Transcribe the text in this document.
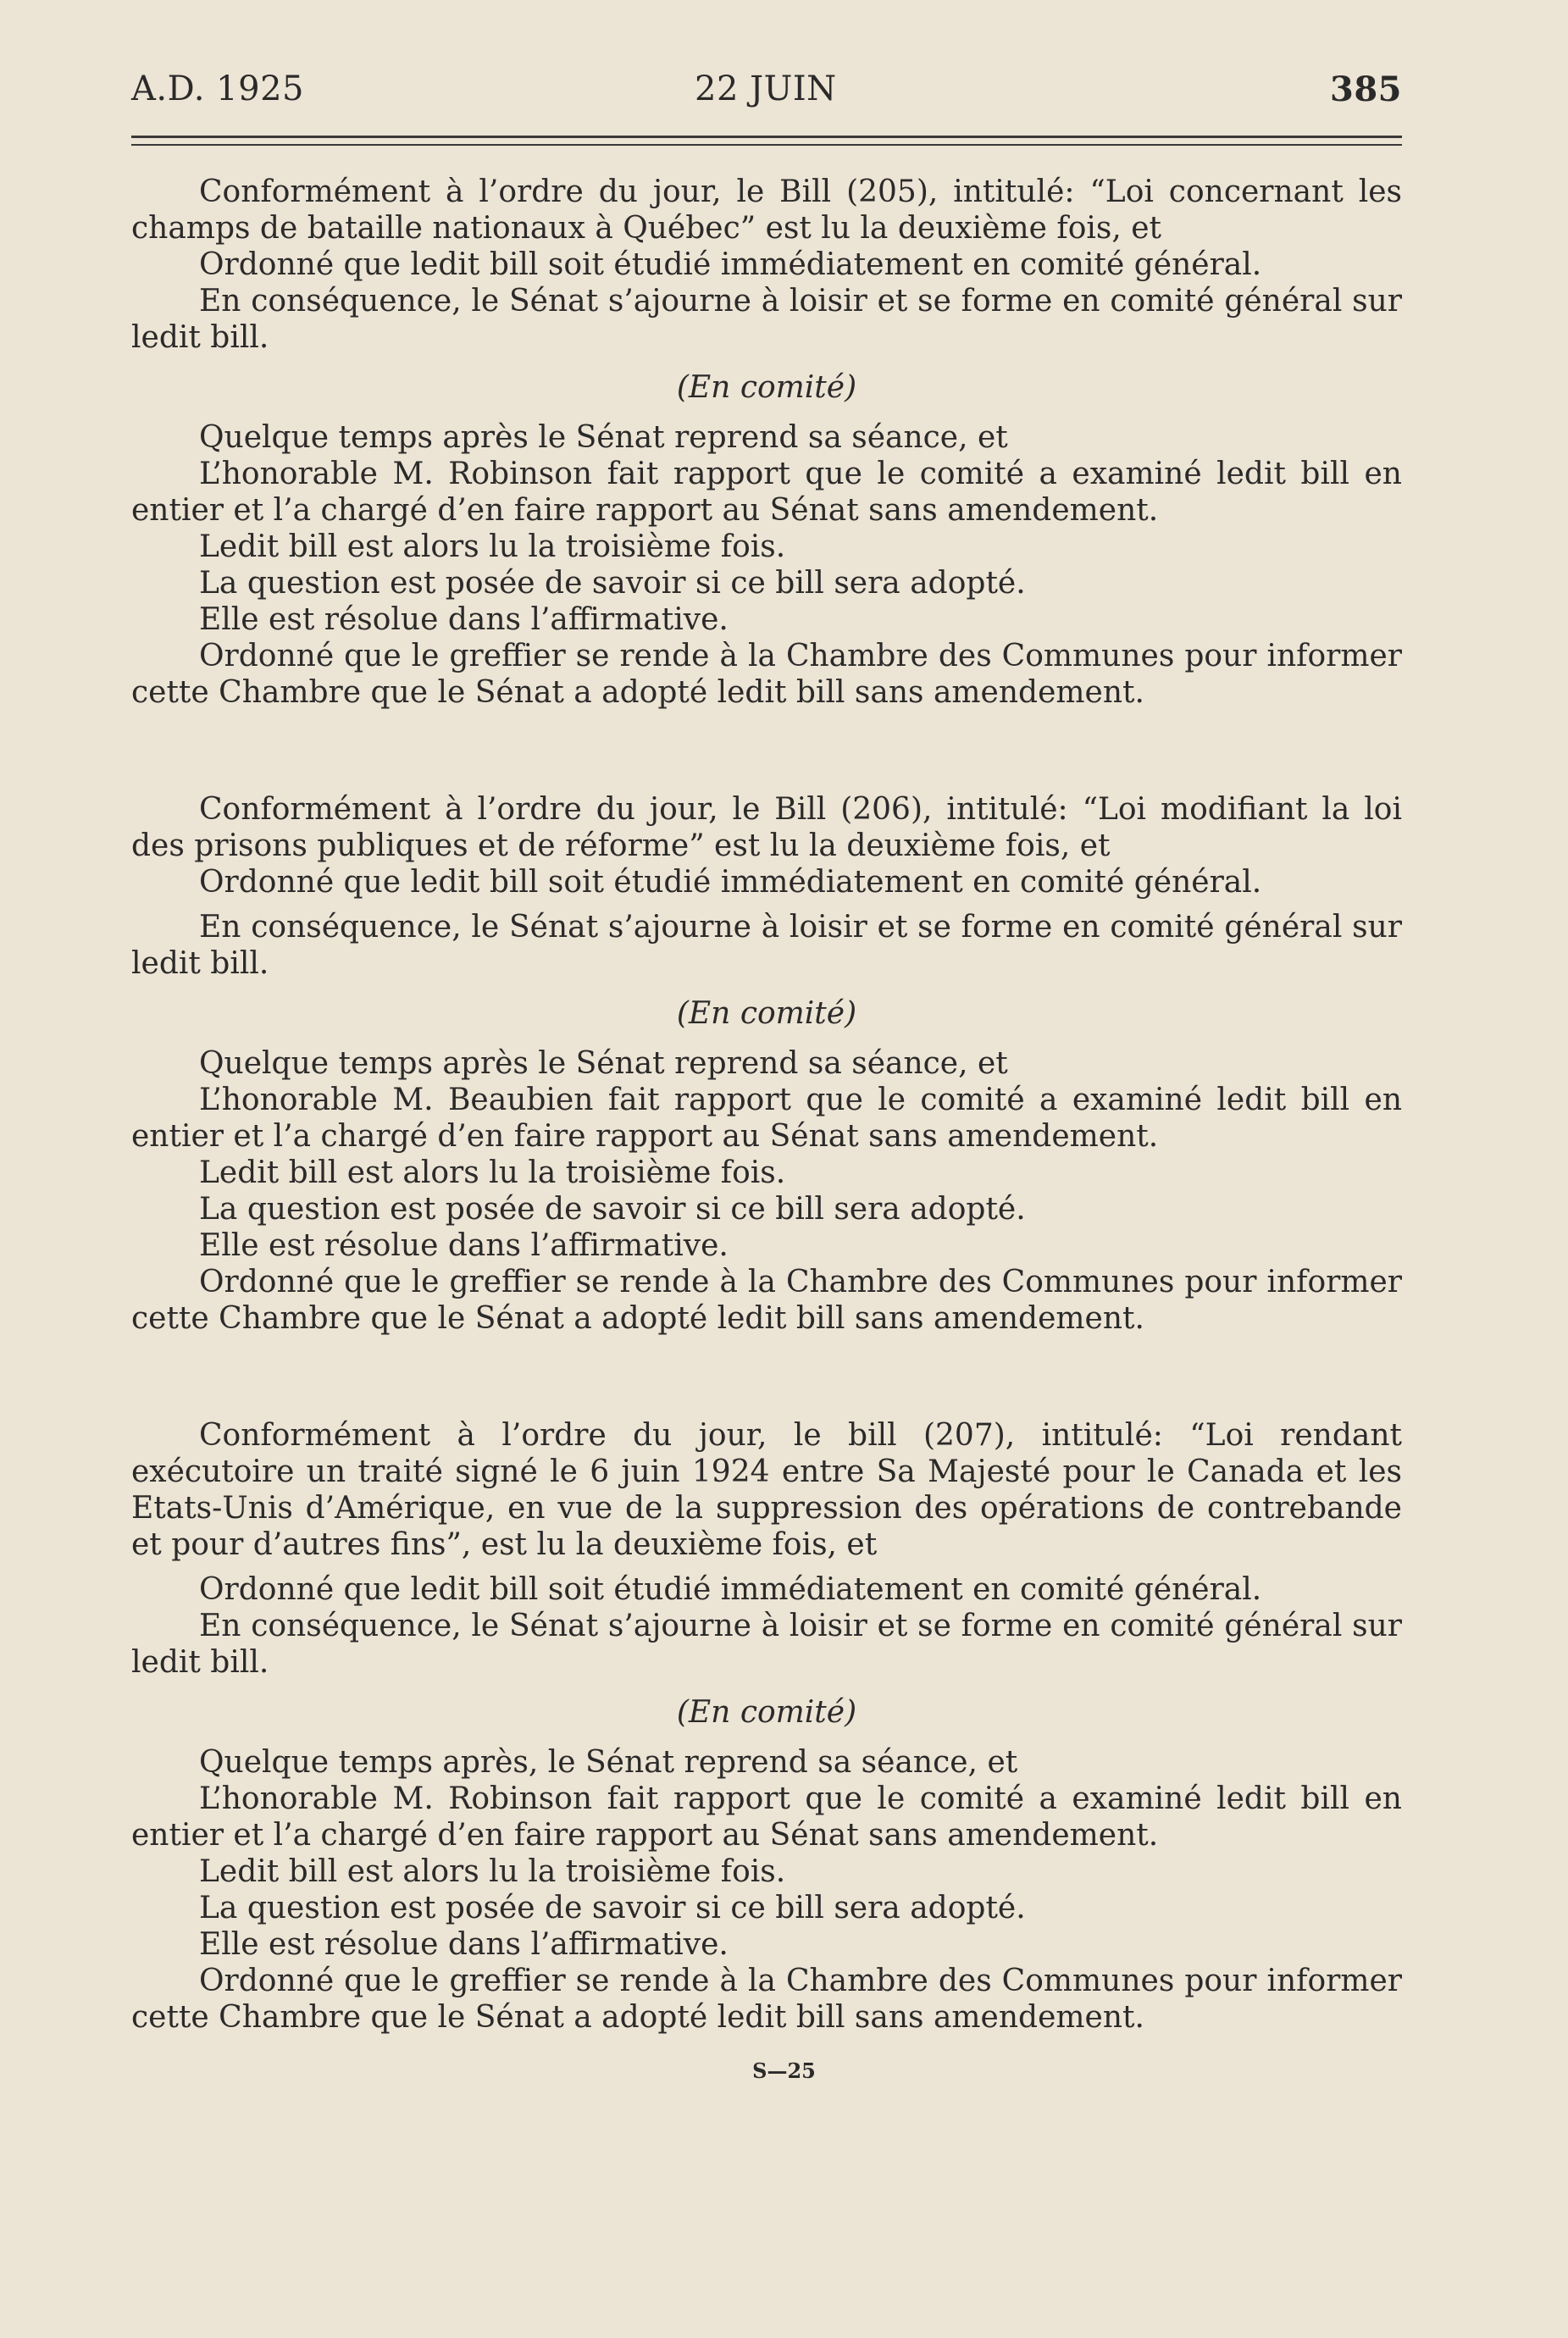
A.D. 1925	22 JUIN	385

Conformément à l’ordre du jour, le Bill (205), intitulé: “Loi concernant les champs de bataille nationaux à Québec” est lu la deuxième fois, et

Ordonné que ledit bill soit étudié immédiatement en comité général.

En conséquence, le Sénat s’ajourne à loisir et se forme en comité général sur ledit bill.

(En comité)

Quelque temps après le Sénat reprend sa séance, et

L’honorable M. Robinson fait rapport que le comité a examiné ledit bill en entier et l’a chargé d’en faire rapport au Sénat sans amendement.

Ledit bill est alors lu la troisième fois.

La question est posée de savoir si ce bill sera adopté.

Elle est résolue dans l’affirmative.

Ordonné que le greffier se rende à la Chambre des Communes pour informer cette Chambre que le Sénat a adopté ledit bill sans amendement.

Conformément à l’ordre du jour, le Bill (206), intitulé: “Loi modifiant la loi des prisons publiques et de réforme” est lu la deuxième fois, et

Ordonné que ledit bill soit étudié immédiatement en comité général.

En conséquence, le Sénat s’ajourne à loisir et se forme en comité général sur ledit bill.

(En comité)

Quelque temps après le Sénat reprend sa séance, et

L’honorable M. Beaubien fait rapport que le comité a examiné ledit bill en entier et l’a chargé d’en faire rapport au Sénat sans amendement.

Ledit bill est alors lu la troisième fois.

La question est posée de savoir si ce bill sera adopté.

Elle est résolue dans l’affirmative.

Ordonné que le greffier se rende à la Chambre des Communes pour informer cette Chambre que le Sénat a adopté ledit bill sans amendement.

Conformément à l’ordre du jour, le bill (207), intitulé: “Loi rendant exécutoire un traité signé le 6 juin 1924 entre Sa Majesté pour le Canada et les Etats-Unis d’Amérique, en vue de la suppression des opérations de contrebande et pour d’autres fins”, est lu la deuxième fois, et

Ordonné que ledit bill soit étudié immédiatement en comité général.

En conséquence, le Sénat s’ajourne à loisir et se forme en comité général sur ledit bill.

(En comité)

Quelque temps après, le Sénat reprend sa séance, et

L’honorable M. Robinson fait rapport que le comité a examiné ledit bill en entier et l’a chargé d’en faire rapport au Sénat sans amendement.

Ledit bill est alors lu la troisième fois.

La question est posée de savoir si ce bill sera adopté.

Elle est résolue dans l’affirmative.

Ordonné que le greffier se rende à la Chambre des Communes pour informer cette Chambre que le Sénat a adopté ledit bill sans amendement.

S—25
